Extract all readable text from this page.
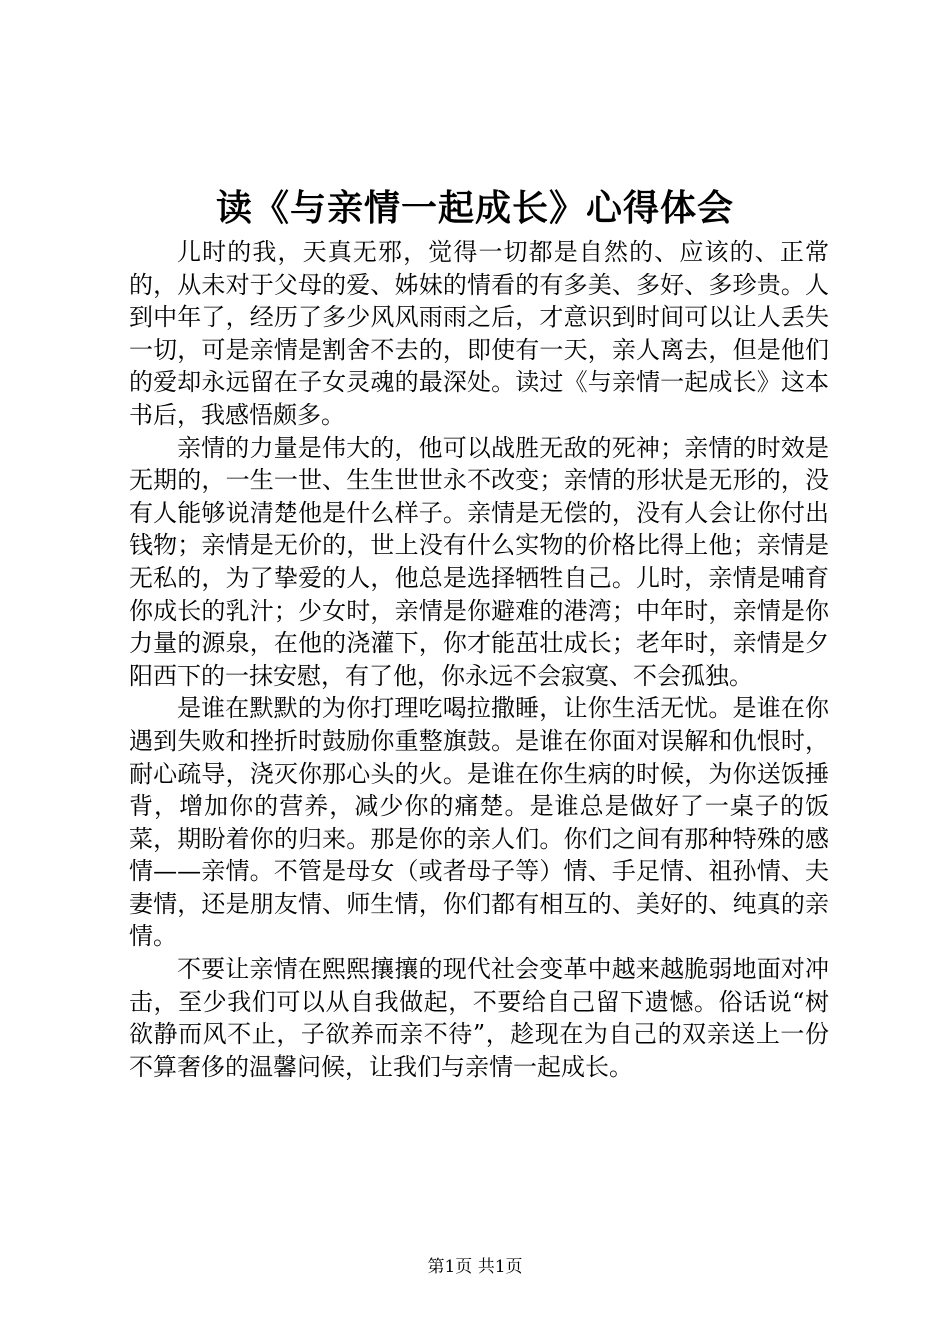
读《与亲情一起成长》心得体会

儿时的我，天真无邪，觉得一切都是自然的、应该的、正常的，从未对于父母的爱、姊妹的情看的有多美、多好、多珍贵。人到中年了，经历了多少风风雨雨之后，才意识到时间可以让人丢失一切，可是亲情是割舍不去的，即使有一天，亲人离去，但是他们的爱却永远留在子女灵魂的最深处。读过《与亲情一起成长》这本书后，我感悟颇多。

亲情的力量是伟大的，他可以战胜无敌的死神；亲情的时效是无期的，一生一世、生生世世永不改变；亲情的形状是无形的，没有人能够说清楚他是什么样子。亲情是无偿的，没有人会让你付出钱物；亲情是无价的，世上没有什么实物的价格比得上他；亲情是无私的，为了挚爱的人，他总是选择牺牲自己。儿时，亲情是哺育你成长的乳汁；少女时，亲情是你避难的港湾；中年时，亲情是你力量的源泉，在他的浇灌下，你才能茁壮成长；老年时，亲情是夕阳西下的一抹安慰，有了他，你永远不会寂寞、不会孤独。

是谁在默默的为你打理吃喝拉撒睡，让你生活无忧。是谁在你遇到失败和挫折时鼓励你重整旗鼓。是谁在你面对误解和仇恨时，耐心疏导，浇灭你那心头的火。是谁在你生病的时候，为你送饭捶背，增加你的营养，减少你的痛楚。是谁总是做好了一桌子的饭菜，期盼着你的归来。那是你的亲人们。你们之间有那种特殊的感情——亲情。不管是母女（或者母子等）情、手足情、祖孙情、夫妻情，还是朋友情、师生情，你们都有相互的、美好的、纯真的亲情。

不要让亲情在熙熙攘攘的现代社会变革中越来越脆弱地面对冲击，至少我们可以从自我做起，不要给自己留下遗憾。俗话说“树欲静而风不止，子欲养而亲不待”，趁现在为自己的双亲送上一份不算奢侈的温馨问候，让我们与亲情一起成长。

第1页 共1页
